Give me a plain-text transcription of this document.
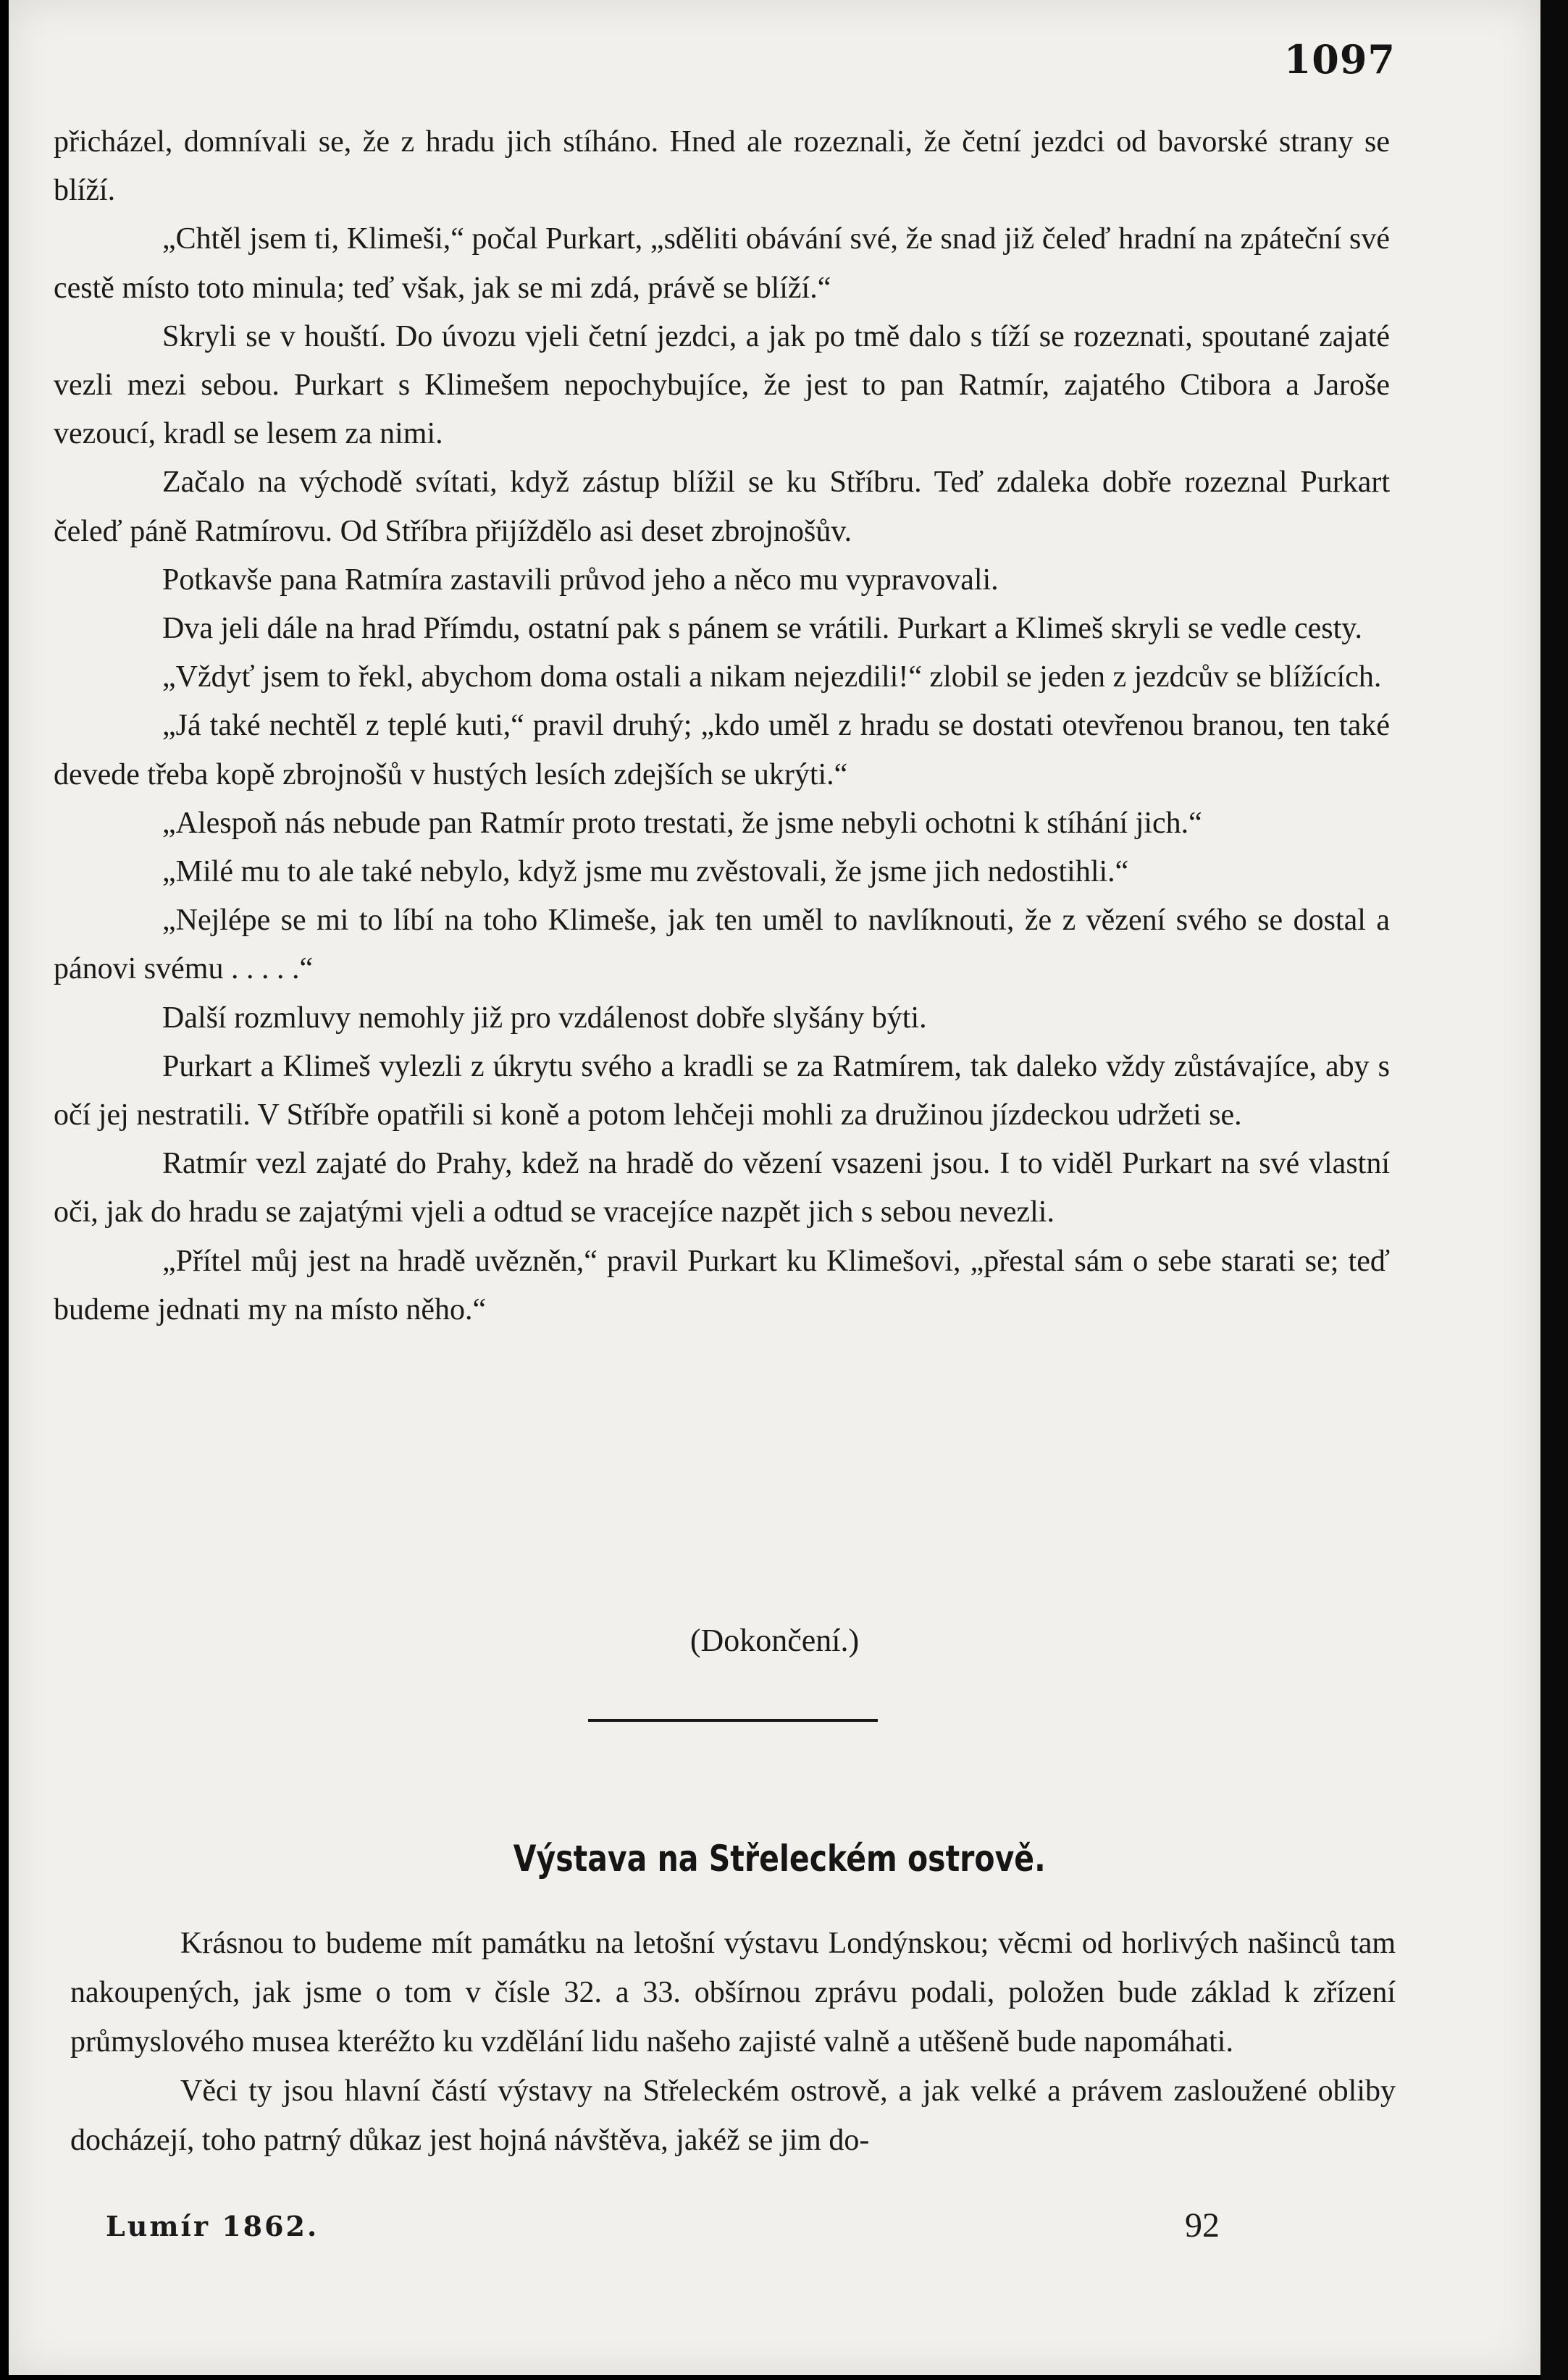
1097

přicházel, domnívali se, že z hradu jich stíháno. Hned ale rozeznali, že četní jezdci od bavorské strany se blíží.

„Chtěl jsem ti, Klimeši,“ počal Purkart, „sděliti obávání své, že snad již čeleď hradní na zpáteční své cestě místo toto minula; teď však, jak se mi zdá, právě se blíží.“

Skryli se v houští. Do úvozu vjeli četní jezdci, a jak po tmě dalo s tíží se rozeznati, spoutané zajaté vezli mezi sebou. Purkart s Klimešem nepochybujíce, že jest to pan Ratmír, zajatého Ctibora a Jaroše vezoucí, kradl se lesem za nimi.

Začalo na východě svítati, když zástup blížil se ku Stříbru. Teď zdaleka dobře rozeznal Purkart čeleď páně Ratmírovu. Od Stříbra přijíždělo asi deset zbrojnošův.

Potkavše pana Ratmíra zastavili průvod jeho a něco mu vypravovali.

Dva jeli dále na hrad Přímdu, ostatní pak s pánem se vrátili. Purkart a Klimeš skryli se vedle cesty.

„Vždyť jsem to řekl, abychom doma ostali a nikam nejezdili!“ zlobil se jeden z jezdcův se blížících.

„Já také nechtěl z teplé kuti,“ pravil druhý; „kdo uměl z hradu se dostati otevřenou branou, ten také devede třeba kopě zbrojnošů v hustých lesích zdejších se ukrýti.“

„Alespoň nás nebude pan Ratmír proto trestati, že jsme nebyli ochotni k stíhání jich.“

„Milé mu to ale také nebylo, když jsme mu zvěstovali, že jsme jich nedostihli.“

„Nejlépe se mi to líbí na toho Klimeše, jak ten uměl to navlíknouti, že z vězení svého se dostal a pánovi svému . . . . .“

Další rozmluvy nemohly již pro vzdálenost dobře slyšány býti.

Purkart a Klimeš vylezli z úkrytu svého a kradli se za Ratmírem, tak daleko vždy zůstávajíce, aby s očí jej nestratili. V Stříbře opatřili si koně a potom lehčeji mohli za družinou jízdeckou udržeti se.

Ratmír vezl zajaté do Prahy, kdež na hradě do vězení vsazeni jsou. I to viděl Purkart na své vlastní oči, jak do hradu se zajatými vjeli a odtud se vracejíce nazpět jich s sebou nevezli.

„Přítel můj jest na hradě uvězněn,“ pravil Purkart ku Klimešovi, „přestal sám o sebe starati se; teď budeme jednati my na místo něho.“

(Dokončení.)
Výstava na Střeleckém ostrově.

Krásnou to budeme mít památku na letošní výstavu Londýnskou; věcmi od horlivých našinců tam nakoupených, jak jsme o tom v čísle 32. a 33. obšírnou zprávu podali, položen bude základ k zřízení průmyslového musea kteréžto ku vzdělání lidu našeho zajisté valně a utěšeně bude napomáhati.

Věci ty jsou hlavní částí výstavy na Střeleckém ostrově, a jak velké a právem zasloužené obliby docházejí, toho patrný důkaz jest hojná návštěva, jakéž se jim do-

Lumír 1862.	92
